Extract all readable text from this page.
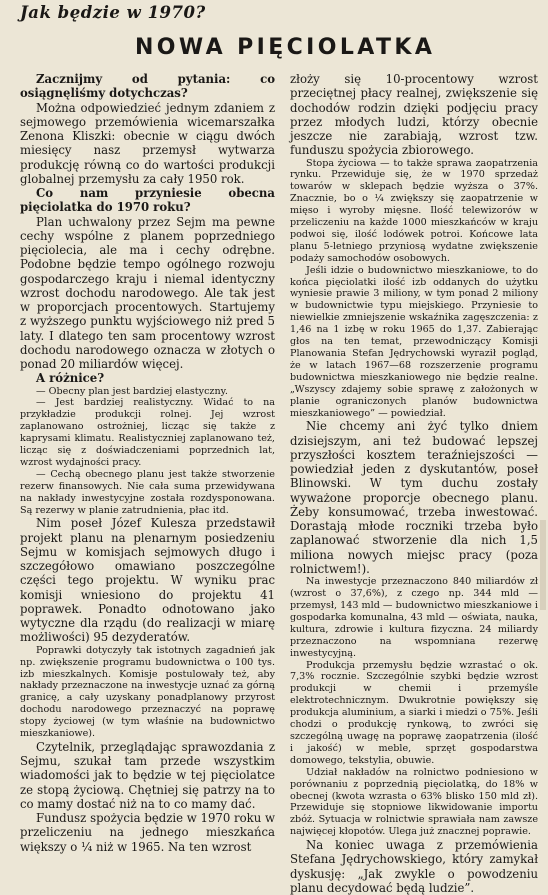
Jak będzie w 1970?
NOWA PIĘCIOLATKA

Zacznijmy od pytania: co osiągnęliśmy dotychczas?

Można odpowiedzieć jednym zdaniem z sejmowego przemówienia wicemarszałka Zenona Kliszki: obecnie w ciągu dwóch miesięcy nasz przemysł wytwarza produkcję równą co do wartości produkcji globalnej przemysłu za cały 1950 rok.

Co nam przyniesie obecna pięciolatka do 1970 roku?

Plan uchwalony przez Sejm ma pewne cechy wspólne z planem poprzedniego pięciolecia, ale ma i cechy odrębne. Podobne będzie tempo ogólnego rozwoju gospodarczego kraju i niemal identyczny wzrost dochodu narodowego. Ale tak jest w proporcjach procentowych. Startujemy z wyższego punktu wyjściowego niż pred 5 laty. I dlatego ten sam procentowy wzrost dochodu narodowego oznacza w złotych o ponad 20 miliardów więcej.

A różnice?

— Obecny plan jest bardziej elastyczny.

— Jest bardziej realistyczny. Widać to na przykładzie produkcji rolnej. Jej wzrost zaplanowano ostrożniej, licząc się także z kaprysami klimatu. Realistyczniej zaplanowano też, licząc się z doświadczeniami poprzednich lat, wzrost wydajności pracy.

— Cechą obecnego planu jest także stworzenie rezerw finansowych. Nie cała suma przewidywana na nakłady inwestycyjne została rozdysponowana. Są rezerwy w planie zatrudnienia, płac itd.

Nim poseł Józef Kulesza przedstawił projekt planu na plenarnym posiedzeniu Sejmu w komisjach sejmowych długo i szczegółowo omawiano poszczególne części tego projektu. W wyniku prac komisji wniesiono do projektu 41 poprawek. Ponadto odnotowano jako wytyczne dla rządu (do realizacji w miarę możliwości) 95 dezyderatów.

Poprawki dotyczyły tak istotnych zagadnień jak np. zwiększenie programu budownictwa o 100 tys. izb mieszkalnych. Komisje postulowały też, aby nakłady przeznaczone na inwestycje uznać za górną granicę, a cały uzyskany ponadplanowy przyrost dochodu narodowego przeznaczyć na poprawę stopy życiowej (w tym właśnie na budownictwo mieszkaniowe).

Czytelnik, przeglądając sprawozdania z Sejmu, szukał tam przede wszystkim wiadomości jak to będzie w tej pięciolatce ze stopą życiową. Chętniej się patrzy na to co mamy dostać niż na to co mamy dać.

Fundusz spożycia będzie w 1970 roku w przeliczeniu na jednego mieszkańca większy o ¼ niż w 1965. Na ten wzrost

złoży się 10-procentowy wzrost przeciętnej płacy realnej, zwiększenie się dochodów rodzin dzięki podjęciu pracy przez młodych ludzi, którzy obecnie jeszcze nie zarabiają, wzrost tzw. funduszu spożycia zbiorowego.

Stopa życiowa — to także sprawa zaopatrzenia rynku. Przewiduje się, że w 1970 sprzedaż towarów w sklepach będzie wyższa o 37%. Znacznie, bo o ¼ zwiększy się zaopatrzenie w mięso i wyroby mięsne. Ilość telewizorów w przeliczeniu na każde 1000 mieszkańców w kraju podwoi się, ilość lodówek potroi. Końcowe lata planu 5-letniego przyniosą wydatne zwiększenie podaży samochodów osobowych.

Jeśli idzie o budownictwo mieszkaniowe, to do końca pięciolatki ilość izb oddanych do użytku wyniesie prawie 3 miliony, w tym ponad 2 miliony w budownictwie typu miejskiego. Przyniesie to niewielkie zmniejszenie wskaźnika zagęszczenia: z 1,46 na 1 izbę w roku 1965 do 1,37. Zabierając głos na ten temat, przewodniczący Komisji Planowania Stefan Jędrychowski wyraził pogląd, że w latach 1967—68 rozszerzenie programu budownictwa mieszkaniowego nie będzie realne. „Wszyscy zdajemy sobie sprawę z założonych w planie ograniczonych planów budownictwa mieszkaniowego” — powiedział.

Nie chcemy ani żyć tylko dniem dzisiejszym, ani też budować lepszej przyszłości kosztem teraźniejszości — powiedział jeden z dyskutantów, poseł Blinowski. W tym duchu zostały wyważone proporcje obecnego planu. Żeby konsumować, trzeba inwestować. Dorastają młode roczniki trzeba było zaplanować stworzenie dla nich 1,5 miliona nowych miejsc pracy (poza rolnictwem!).

Na inwestycje przeznaczono 840 miliardów zł (wzrost o 37,6%), z czego np. 344 mld — przemysł, 143 mld — budownictwo mieszkaniowe i gospodarka komunalna, 43 mld — oświata, nauka, kultura, zdrowie i kultura fizyczna. 24 miliardy przeznaczono na wspomniana rezerwę inwestycyjną.

Produkcja przemysłu będzie wzrastać o ok. 7,3% rocznie. Szczególnie szybki będzie wzrost produkcji w chemii i przemyśle elektrotechnicznym. Dwukrotnie powiększy się produkcja aluminium, a siarki i miedzi o 75%. Jeśli chodzi o produkcję rynkową, to zwróci się szczególną uwagę na poprawę zaopatrzenia (ilość i jakość) w meble, sprzęt gospodarstwa domowego, tekstylia, obuwie.

Udział nakładów na rolnictwo podniesiono w porównaniu z poprzednią pięciolatką, do 18% w obecnej (kwota wzrasta o 63% blisko 150 mld zł). Przewiduje się stopniowe likwidowanie importu zbóż. Sytuacja w rolnictwie sprawiała nam zawsze najwięcej kłopotów. Ulega już znacznej poprawie.

Na koniec uwaga z przemówienia Stefana Jędrychowskiego, który zamykał dyskusję: „Jak zwykle o powodzeniu planu decydować będą ludzie”.
